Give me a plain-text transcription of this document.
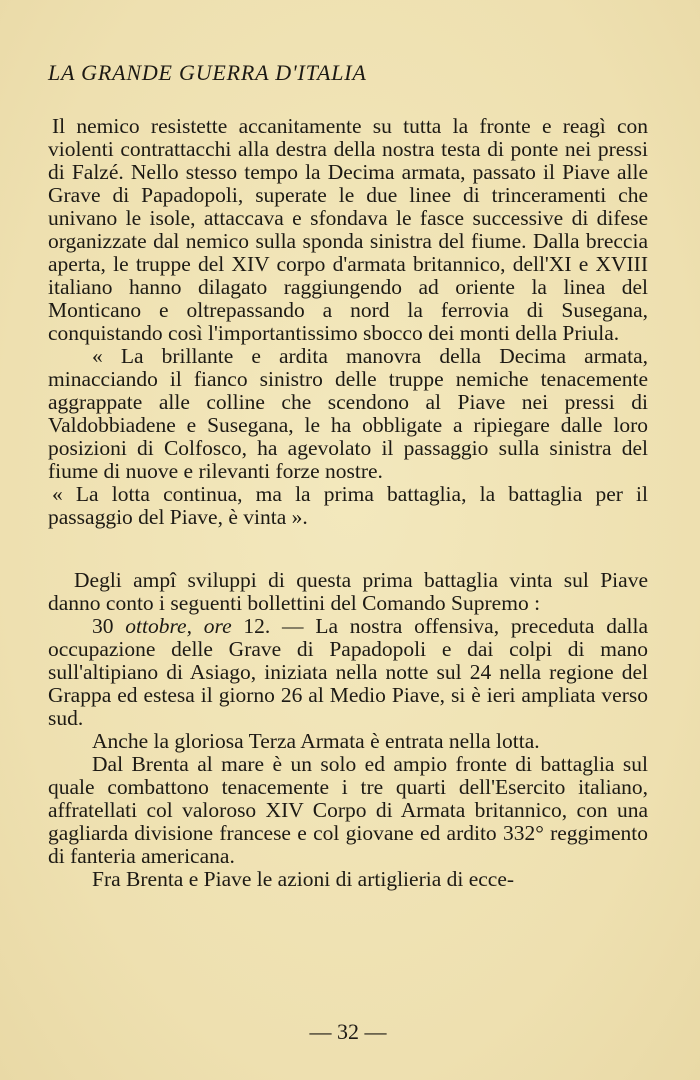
LA GRANDE GUERRA D'ITALIA

Il nemico resistette accanitamente su tutta la fronte e reagì con violenti contrattacchi alla destra della nostra testa di ponte nei pressi di Falzé. Nello stesso tempo la Decima armata, passato il Piave alle Grave di Papadopoli, superate le due linee di trinceramenti che univano le isole, attaccava e sfondava le fasce successive di difese organizzate dal nemico sulla sponda sinistra del fiume. Dalla breccia aperta, le truppe del XIV corpo d'armata britannico, dell'XI e XVIII italiano hanno dilagato raggiungendo ad oriente la linea del Monticano e oltrepassando a nord la ferrovia di Susegana, conquistando così l'importantissimo sbocco dei monti della Priula.

« La brillante e ardita manovra della Decima armata, minacciando il fianco sinistro delle truppe nemiche tenacemente aggrappate alle colline che scendono al Piave nei pressi di Valdobbiadene e Susegana, le ha obbligate a ripiegare dalle loro posizioni di Colfosco, ha agevolato il passaggio sulla sinistra del fiume di nuove e rilevanti forze nostre.

« La lotta continua, ma la prima battaglia, la battaglia per il passaggio del Piave, è vinta ».

Degli ampî sviluppi di questa prima battaglia vinta sul Piave danno conto i seguenti bollettini del Comando Supremo :

30 ottobre, ore 12. — La nostra offensiva, preceduta dalla occupazione delle Grave di Papadopoli e dai colpi di mano sull'altipiano di Asiago, iniziata nella notte sul 24 nella regione del Grappa ed estesa il giorno 26 al Medio Piave, si è ieri ampliata verso sud.

Anche la gloriosa Terza Armata è entrata nella lotta.

Dal Brenta al mare è un solo ed ampio fronte di battaglia sul quale combattono tenacemente i tre quarti dell'Esercito italiano, affratellati col valoroso XIV Corpo di Armata britannico, con una gagliarda divisione francese e col giovane ed ardito 332° reggimento di fanteria americana.

Fra Brenta e Piave le azioni di artiglieria di ecce-

— 32 —
